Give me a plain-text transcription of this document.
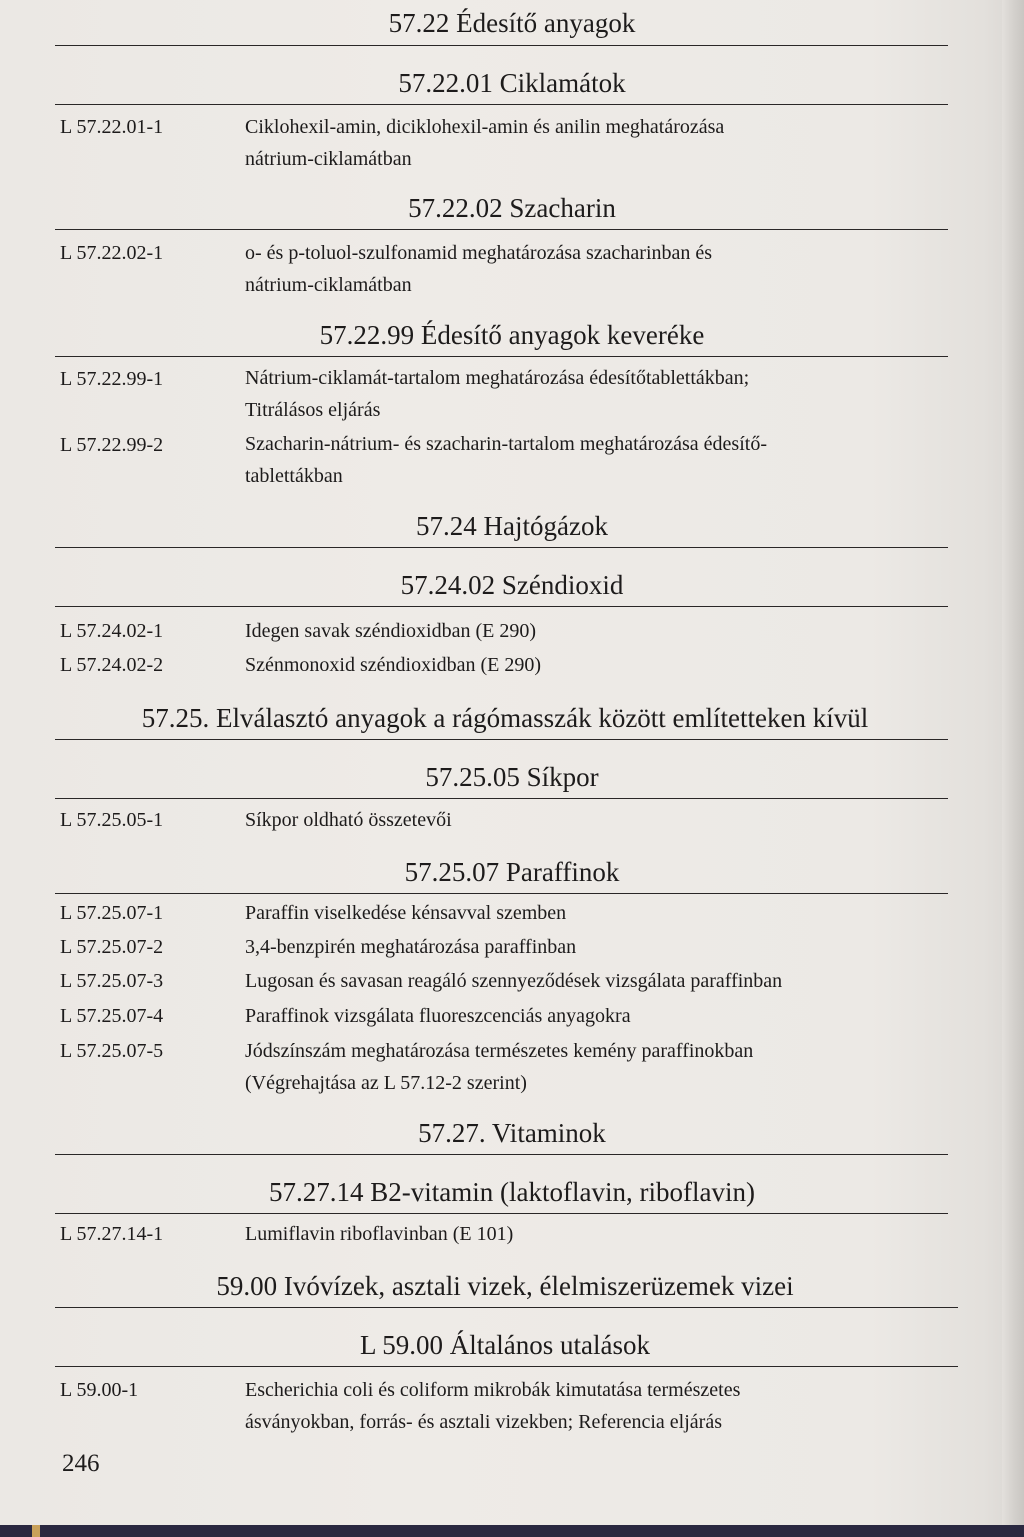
57.22 Édesítő anyagok
57.22.01 Ciklamátok
L 57.22.01-1	Ciklohexil-amin, diciklohexil-amin és anilin meghatározása
nátrium-ciklamátban
57.22.02 Szacharin
L 57.22.02-1	o- és p-toluol-szulfonamid meghatározása szacharinban és
nátrium-ciklamátban
57.22.99 Édesítő anyagok keveréke
L 57.22.99-1	Nátrium-ciklamát-tartalom meghatározása édesítőtablettákban;
Titrálásos eljárás
L 57.22.99-2	Szacharin-nátrium- és szacharin-tartalom meghatározása édesítő-
tablettákban
57.24 Hajtógázok
57.24.02 Széndioxid
L 57.24.02-1	Idegen savak széndioxidban (E 290)
L 57.24.02-2	Szénmonoxid széndioxidban (E 290)
57.25. Elválasztó anyagok a rágómasszák között említetteken kívül
57.25.05 Síkpor
L 57.25.05-1	Síkpor oldható összetevői
57.25.07 Paraffinok
L 57.25.07-1	Paraffin viselkedése kénsavval szemben
L 57.25.07-2	3,4-benzpirén meghatározása paraffinban
L 57.25.07-3	Lugosan és savasan reagáló szennyeződések vizsgálata paraffinban
L 57.25.07-4	Paraffinok vizsgálata fluoreszcenciás anyagokra
L 57.25.07-5	Jódszínszám meghatározása természetes kemény paraffinokban
(Végrehajtása az L 57.12-2 szerint)
57.27. Vitaminok
57.27.14 B2-vitamin (laktoflavin, riboflavin)
L 57.27.14-1	Lumiflavin riboflavinban (E 101)
59.00 Ivóvízek, asztali vizek, élelmiszerüzemek vizei
L 59.00 Általános utalások
L 59.00-1	Escherichia coli és coliform mikrobák kimutatása természetes
ásványokban, forrás- és asztali vizekben; Referencia eljárás
246
